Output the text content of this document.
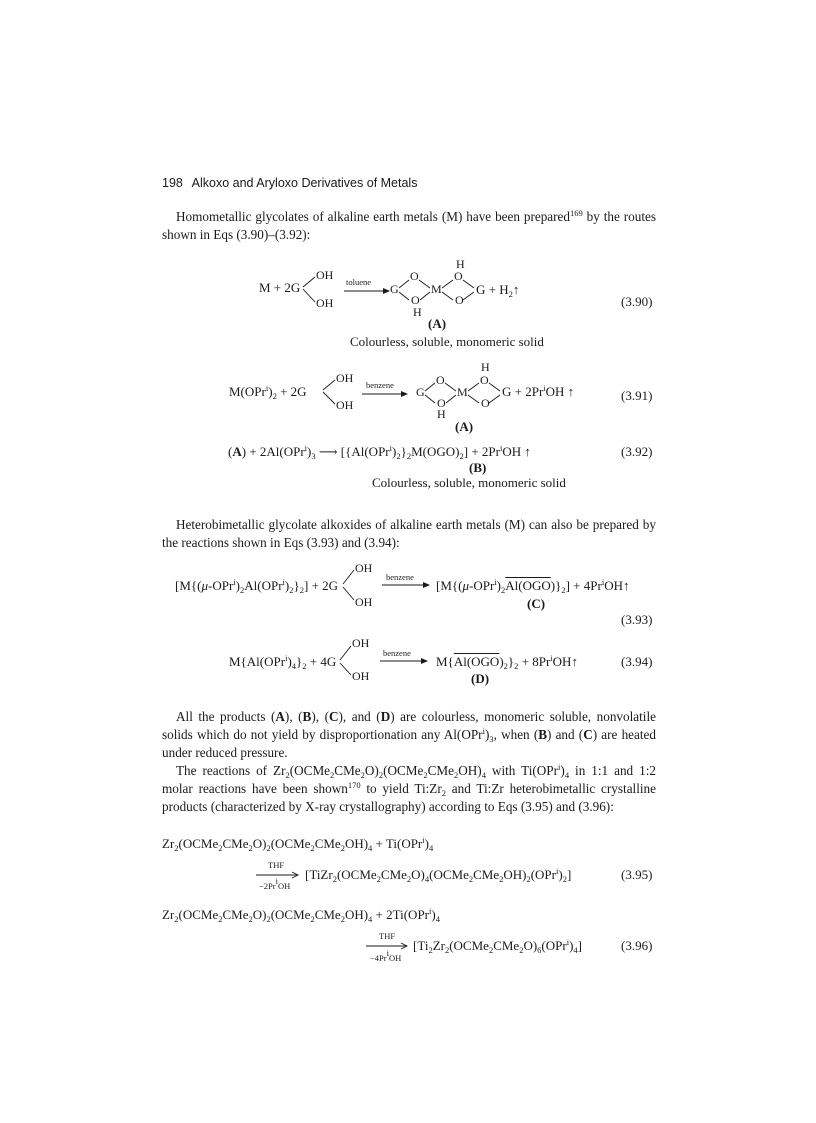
198 Alkoxo and Aryloxo Derivatives of Metals
Homometallic glycolates of alkaline earth metals (M) have been prepared$^{169}$ by the routes shown in Eqs (3.90)–(3.92):
M + 2G
OH
OH
toluene G
O
O
H
M
H
O
O
$G + H_2↑$
(A)
(3.90)
Colourless, soluble, monomeric solid
$M(OPr^i)_2 + 2G$
OH
OH
benzene G
O
O
H
M
H
O
O
$G + 2Pr^iOH$ ↑
(A)
(3.91)
$(A) + 2Al(OPr^i)_3$ ⟶ $[\{Al(OPr^i)_2\}_2M(OGO)_2] + 2Pr^iOH$ ↑
(B)
(3.92)
Colourless, soluble, monomeric solid
Heterobimetallic glycolate alkoxides of alkaline earth metals (M) can also be prepared by the reactions shown in Eqs (3.93) and (3.94):
$[M\{(\mu-OPr^i)_2Al(OPr^i)_2\}_2] + 2G$
OH
OH
benzene
$[M\{(\mu-OPr^i)_2Al(OGO)\}_2]$ + $4Pr^iOH↑$
(C)
(3.93)
$M\{Al(OPr^i)_4\}_2 + 4G$
OH
OH
benzene
$M\{Al(OGO)_2\}_2$ + $8Pr^iOH↑$
(D)
(3.94)
All the products (A), (B), (C), and (D) are colourless, monomeric soluble, nonvolatile solids which do not yield by disproportionation any $Al(OPr^i)_3$, when (B) and (C) are heated under reduced pressure.
The reactions of $Zr_2(OCMe_2CMe_2O)_2(OCMe_2CMe_2OH)_4$ with $Ti(OPr^i)_4$ in 1:1 and 1:2 molar reactions have been shown$^{170}$ to yield $Ti:Zr_2$ and Ti:Zr heterobimetallic crystalline products (characterized by X-ray crystallography) according to Eqs (3.95) and (3.96):
$Zr_2(OCMe_2CMe_2O)_2(OCMe_2CMe_2OH)_4 + Ti(OPr^i)_4$
THF
$-2Pr^iOH$
$[TiZr_2(OCMe_2CMe_2O)_4(OCMe_2CMe_2OH)_2(OPr^i)_2]$	(3.95)
$Zr_2(OCMe_2CMe_2O)_2(OCMe_2CMe_2OH)_4 + 2Ti(OPr^i)_4$
THF
$-4Pr^iOH$
$[Ti_2Zr_2(OCMe_2CMe_2O)_6(OPr^i)_4]$	(3.96)
